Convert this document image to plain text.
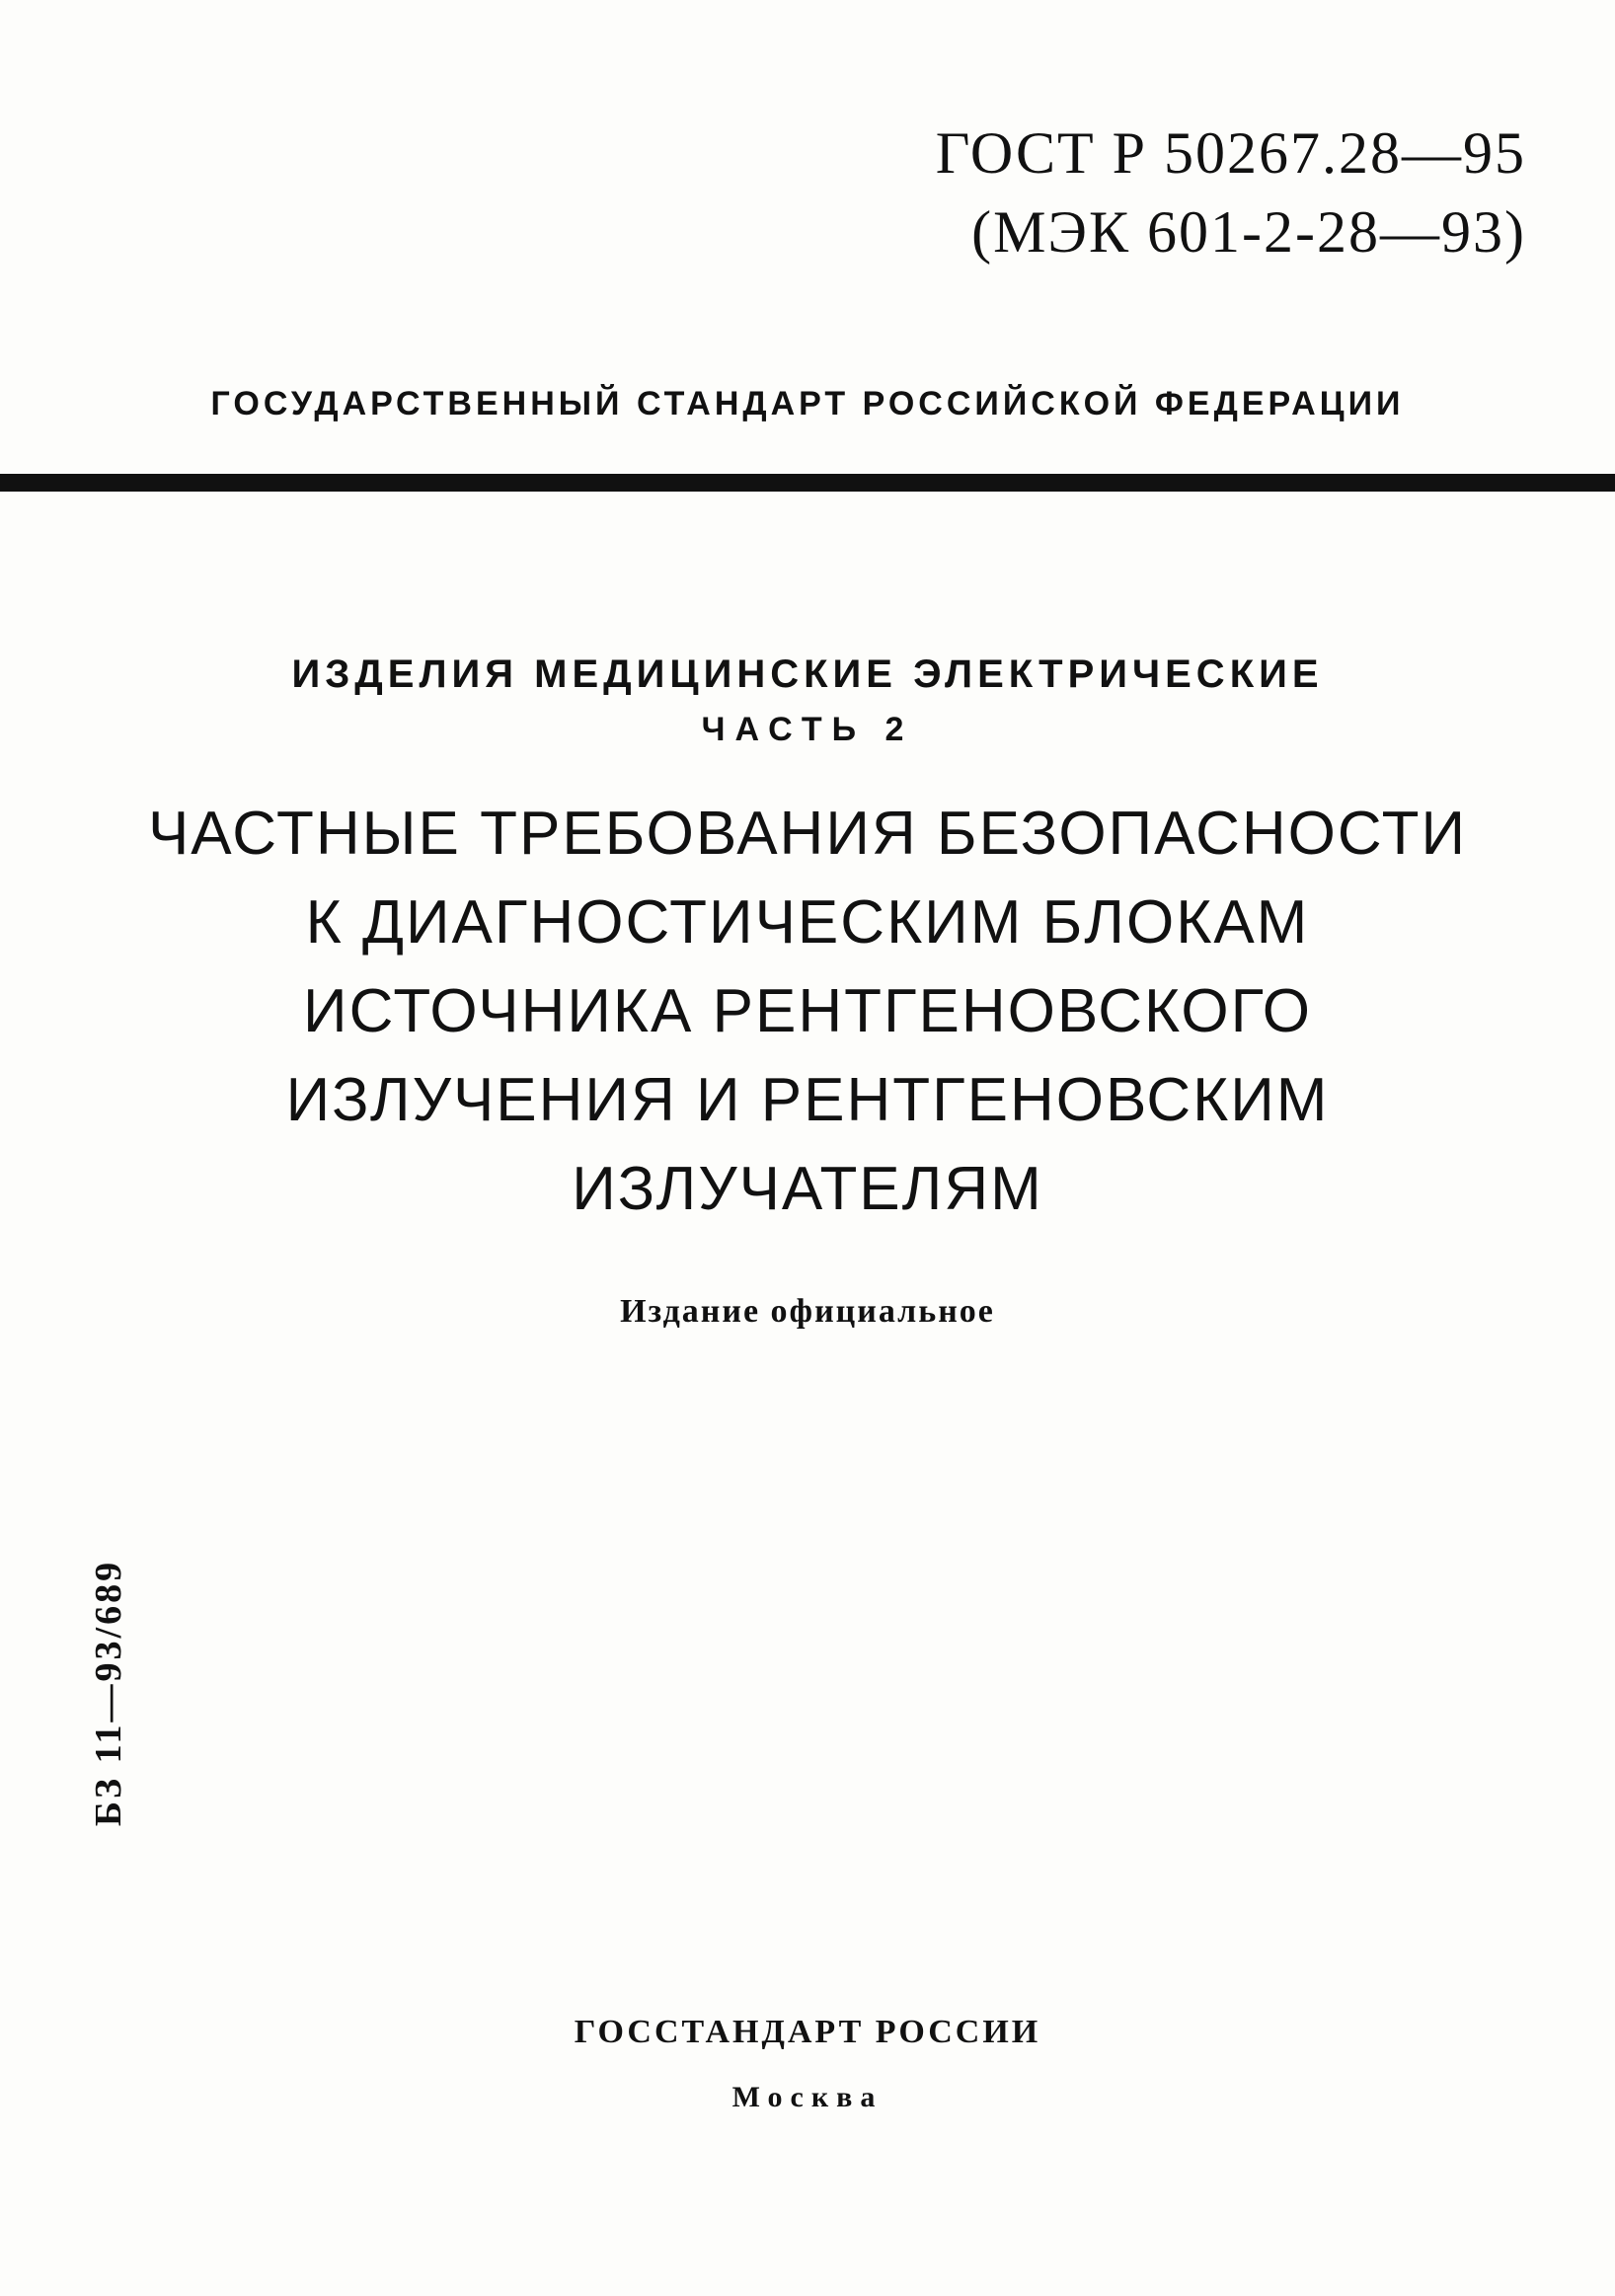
ГОСТ Р 50267.28—95
(МЭК 601-2-28—93)
ГОСУДАРСТВЕННЫЙ СТАНДАРТ РОССИЙСКОЙ ФЕДЕРАЦИИ
ИЗДЕЛИЯ МЕДИЦИНСКИЕ ЭЛЕКТРИЧЕСКИЕ
ЧАСТЬ 2
ЧАСТНЫЕ ТРЕБОВАНИЯ БЕЗОПАСНОСТИ
К ДИАГНОСТИЧЕСКИМ БЛОКАМ
ИСТОЧНИКА РЕНТГЕНОВСКОГО
ИЗЛУЧЕНИЯ И РЕНТГЕНОВСКИМ
ИЗЛУЧАТЕЛЯМ
Издание официальное
БЗ 11—93/689
ГОССТАНДАРТ РОССИИ
Москва
